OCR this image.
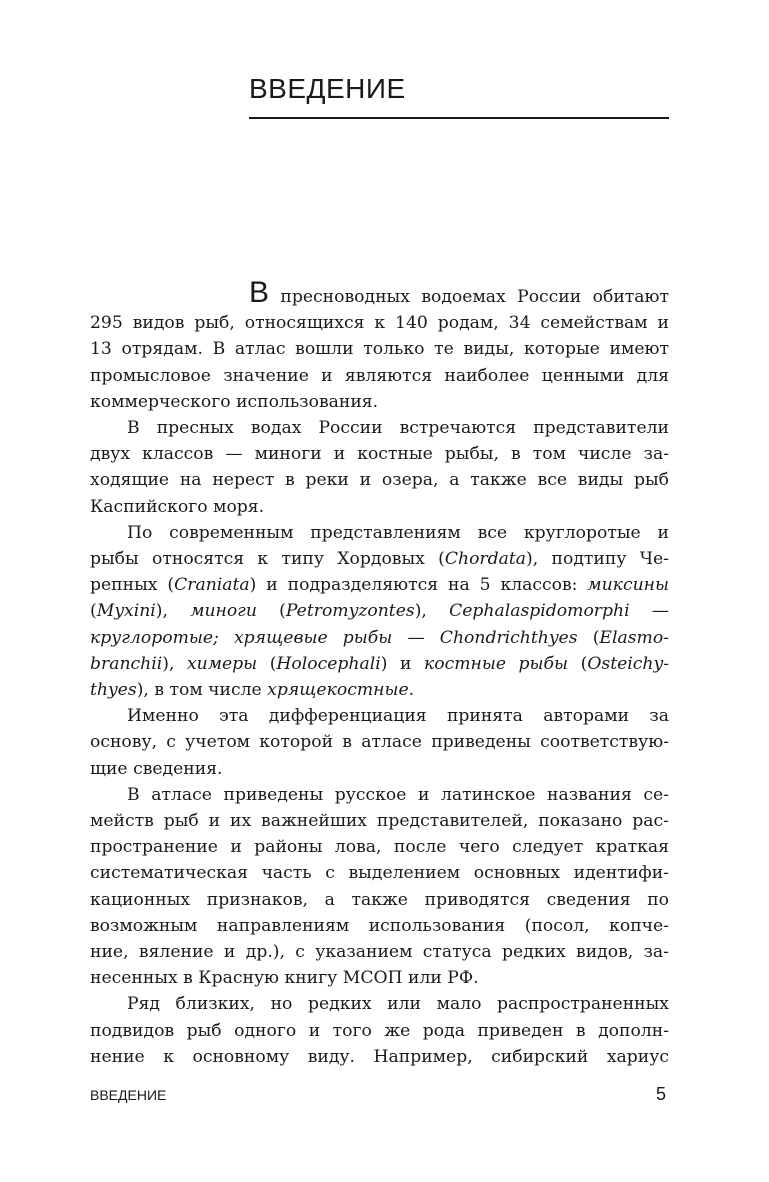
ВВЕДЕНИЕ
В пресноводных водоемах России обитают
295 видов рыб, относящихся к 140 родам, 34 семействам и
13 отрядам. В атлас вошли только те виды, которые имеют
промысловое значение и являются наиболее ценными для
коммерческого использования.
В пресных водах России встречаются представители
двух классов — миноги и костные рыбы, в том числе за-
ходящие на нерест в реки и озера, а также все виды рыб
Каспийского моря.
По современным представлениям все круглоротые и
рыбы относятся к типу Хордовых (Chordata), подтипу Че-
репных (Craniata) и подразделяются на 5 классов: миксины
(Myxini), миноги (Petromyzontes), Cephalaspidomorphi —
круглоротые; хрящевые рыбы — Chondrichthyes (Elasmo-
branchii), химеры (Holocephali) и костные рыбы (Osteichy-
thyes), в том числе хрящекостные.
Именно эта дифференциация принята авторами за
основу, с учетом которой в атласе приведены соответствую-
щие сведения.
В атласе приведены русское и латинское названия се-
мейств рыб и их важнейших представителей, показано рас-
пространение и районы лова, после чего следует краткая
систематическая часть с выделением основных идентифи-
кационных признаков, а также приводятся сведения по
возможным направлениям использования (посол, копче-
ние, вяление и др.), с указанием статуса редких видов, за-
несенных в Красную книгу МСОП или РФ.
Ряд близких, но редких или мало распространенных
подвидов рыб одного и того же рода приведен в дополн-
нение к основному виду. Например, сибирский хариус
ВВЕДЕНИЕ	5
